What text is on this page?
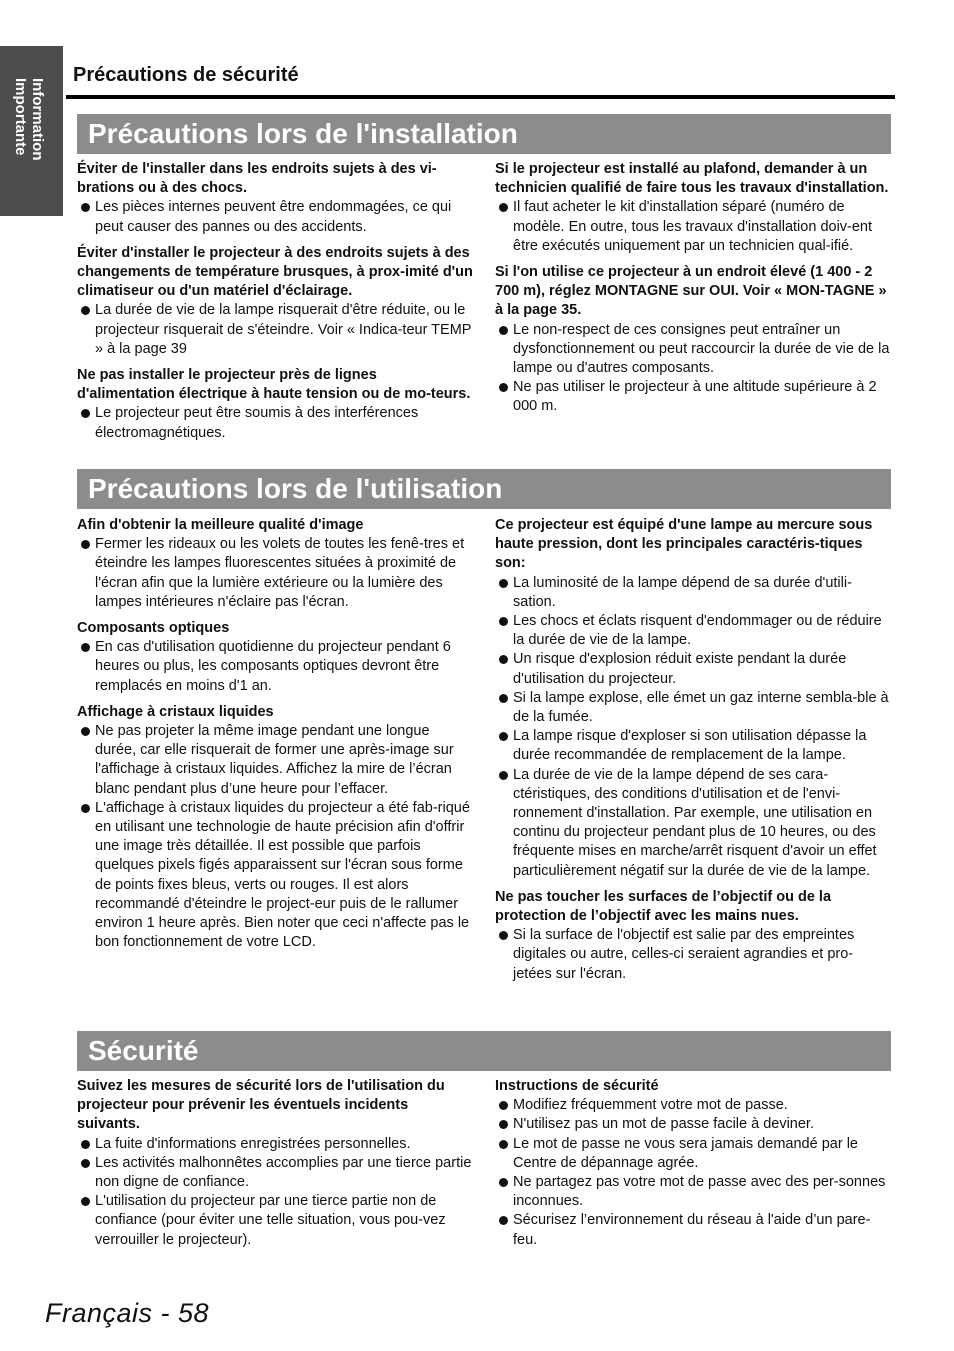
Information
Importante
Précautions de sécurité
Précautions lors de l'installation
Éviter de l'installer dans les endroits sujets à des vi- brations ou à des chocs.
Les pièces internes peuvent être endommagées, ce qui peut causer des pannes ou des accidents.
Éviter d'installer le projecteur à des endroits sujets à des changements de température brusques, à prox-imité d'un climatiseur ou d'un matériel d'éclairage.
La durée de vie de la lampe risquerait d'être réduite, ou le projecteur risquerait de s'éteindre. Voir « Indica-teur TEMP » à la page 39
Ne pas installer le projecteur près de lignes d'alimentation électrique à haute tension ou de mo-teurs.
Le projecteur peut être soumis à des interférences électromagnétiques.
Si le projecteur est installé au plafond, demander à un technicien qualifié de faire tous les travaux d'installation.
Il faut acheter le kit d'installation séparé (numéro de modèle. En outre, tous les travaux d'installation doiv-ent être exécutés uniquement par un technicien qual-ifié.
Si l'on utilise ce projecteur à un endroit élevé (1 400 - 2 700 m), réglez MONTAGNE sur OUI. Voir « MON-TAGNE » à la page 35.
Le non-respect de ces consignes peut entraîner un dysfonctionnement ou peut raccourcir la durée de vie de la lampe ou d'autres composants.
Ne pas utiliser le projecteur à une altitude supérieure à 2 000 m.
Précautions lors de l'utilisation
Afin d'obtenir la meilleure qualité d'image
Fermer les rideaux ou les volets de toutes les fenê-tres et éteindre les lampes fluorescentes situées à proximité de l'écran afin que la lumière extérieure ou la lumière des lampes intérieures n'éclaire pas l'écran.
Composants optiques
En cas d'utilisation quotidienne du projecteur pendant 6 heures ou plus, les composants optiques devront être remplacés en moins d'1 an.
Affichage à cristaux liquides
Ne pas projeter la même image pendant une longue durée, car elle risquerait de former une après-image sur l'affichage à cristaux liquides. Affichez la mire de l’écran blanc pendant plus d’une heure pour l’effacer.
L'affichage à cristaux liquides du projecteur a été fab-riqué en utilisant une technologie de haute précision afin d'offrir une image très détaillée. Il est possible que parfois quelques pixels figés apparaissent sur l'écran sous forme de points fixes bleus, verts ou rouges. Il est alors recommandé d'éteindre le project-eur puis de le rallumer environ 1 heure après. Bien noter que ceci n'affecte pas le bon fonctionnement de votre LCD.
Ce projecteur est équipé d'une lampe au mercure sous haute pression, dont les principales caractéris-tiques son:
La luminosité de la lampe dépend de sa durée d'utili-sation.
Les chocs et éclats risquent d'endommager ou de réduire la durée de vie de la lampe.
Un risque d'explosion réduit existe pendant la durée d'utilisation du projecteur.
Si la lampe explose, elle émet un gaz interne sembla-ble à de la fumée.
La lampe risque d'exploser si son utilisation dépasse la durée recommandée de remplacement de la lampe.
La durée de vie de la lampe dépend de ses cara-ctéristiques, des conditions d'utilisation et de l'envi-ronnement d'installation. Par exemple, une utilisation en continu du projecteur pendant plus de 10 heures, ou des fréquente mises en marche/arrêt risquent d'avoir un effet particulièrement négatif sur la durée de vie de la lampe.
Ne pas toucher les surfaces de l’objectif ou de la protection de l’objectif avec les mains nues.
Si la surface de l'objectif est salie par des empreintes digitales ou autre, celles-ci seraient agrandies et pro-jetées sur l'écran.
Sécurité
Suivez les mesures de sécurité lors de l'utilisation du projecteur pour prévenir les éventuels incidents suivants.
La fuite d'informations enregistrées personnelles.
Les activités malhonnêtes accomplies par une tierce partie non digne de confiance.
L'utilisation du projecteur par une tierce partie non de confiance (pour éviter une telle situation, vous pou-vez verrouiller le projecteur).
Instructions de sécurité
Modifiez fréquemment votre mot de passe.
N'utilisez pas un mot de passe facile à deviner.
Le mot de passe ne vous sera jamais demandé par le Centre de dépannage agrée.
Ne partagez pas votre mot de passe avec des per-sonnes inconnues.
Sécurisez l’environnement du réseau à l'aide d’un pare-feu.
Français - 58
